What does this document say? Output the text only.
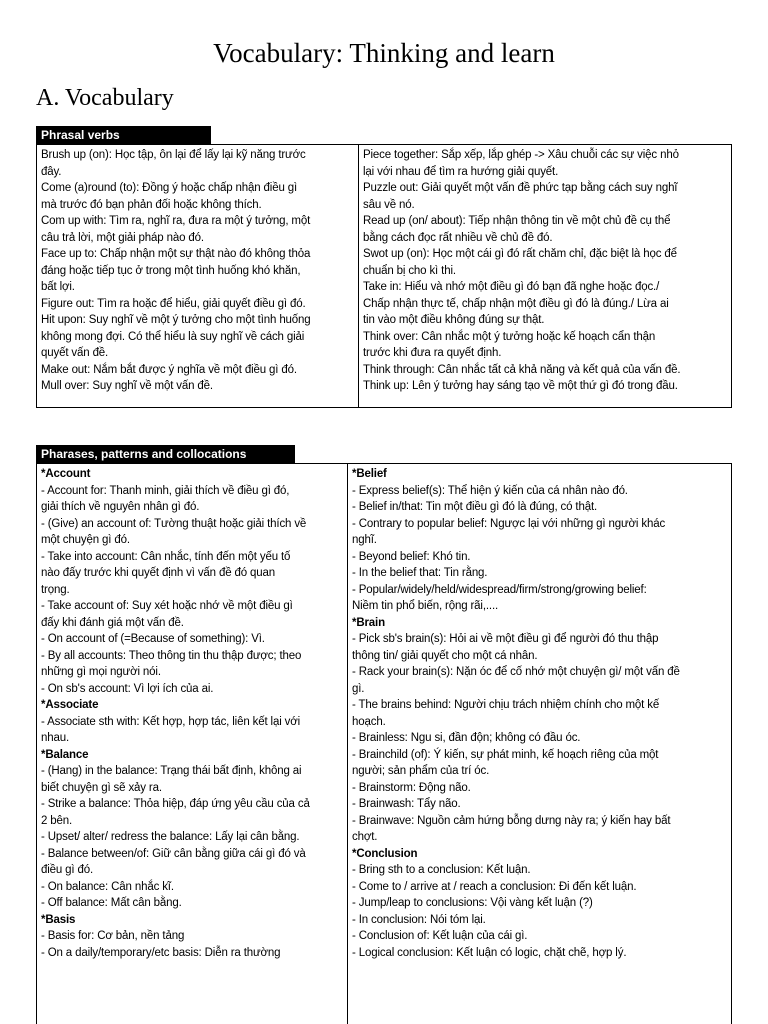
Vocabulary: Thinking and learn
A. Vocabulary
Phrasal verbs
Brush up (on): Học tập, ôn lại để lấy lại kỹ năng trước
đây.
Come (a)round (to): Đồng ý hoặc chấp nhận điều gì
mà trước đó bạn phản đối hoặc không thích.
Com up with: Tìm ra, nghĩ ra, đưa ra một ý tưởng, một
câu trả lời, một giải pháp nào đó.
Face up to: Chấp nhận một sự thật nào đó không thỏa
đáng hoặc tiếp tục ở trong một tình huống khó khăn,
bất lợi.
Figure out: Tìm ra hoặc để hiểu, giải quyết điều gì đó.
Hit upon: Suy nghĩ về một ý tưởng cho một tình huống
không mong đợi. Có thể hiểu là suy nghĩ về cách giải
quyết vấn đề.
Make out: Nắm bắt được ý nghĩa về một điều gì đó.
Mull over: Suy nghĩ về một vấn đề.
Piece together: Sắp xếp, lắp ghép -> Xâu chuỗi các sự việc nhỏ
lại với nhau để tìm ra hướng giải quyết.
Puzzle out: Giải quyết một vấn đề phức tạp bằng cách suy nghĩ
sâu về nó.
Read up (on/ about): Tiếp nhận thông tin về một chủ đề cụ thể
bằng cách đọc rất nhiều về chủ đề đó.
Swot up (on): Học một cái gì đó rất chăm chỉ, đặc biệt là học để
chuẩn bị cho kì thi.
Take in: Hiểu và nhớ một điều gì đó bạn đã nghe hoặc đọc./
Chấp nhận thực tế, chấp nhận một điều gì đó là đúng./ Lừa ai
tin vào một điều không đúng sự thật.
Think over: Cân nhắc một ý tưởng hoặc kế hoạch cẩn thận
trước khi đưa ra quyết định.
Think through: Cân nhắc tất cả khả năng và kết quả của vấn đề.
Think up: Lên ý tưởng hay sáng tạo về một thứ gì đó trong đầu.
Pharases, patterns and collocations
*Account
- Account for: Thanh minh, giải thích về điều gì đó,
giải thích về nguyên nhân gì đó.
- (Give) an account of: Tường thuật hoặc giải thích về
một chuyện gì đó.
- Take into account: Cân nhắc, tính đến một yếu tố
nào đấy trước khi quyết định vì vấn đề đó quan
trọng.
- Take account of: Suy xét hoặc nhớ về một điều gì
đấy khi đánh giá một vấn đề.
- On account of (=Because of something): Vì.
- By all accounts: Theo thông tin thu thập được; theo
những gì mọi người nói.
- On sb's account: Vì lợi ích của ai.
*Associate
- Associate sth with: Kết hợp, hợp tác, liên kết lại với
nhau.
*Balance
- (Hang) in the balance: Trạng thái bất định, không ai
biết chuyện gì sẽ xảy ra.
- Strike a balance: Thỏa hiệp, đáp ứng yêu cầu của cả
2 bên.
- Upset/ alter/ redress the balance: Lấy lại cân bằng.
- Balance between/of: Giữ cân bằng giữa cái gì đó và
điều gì đó.
- On balance: Cân nhắc kĩ.
- Off balance: Mất cân bằng.
*Basis
- Basis for: Cơ bản, nền tảng
- On a daily/temporary/etc basis: Diễn ra thường
*Belief
- Express belief(s): Thể hiện ý kiến của cá nhân nào đó.
- Belief in/that: Tin một điều gì đó là đúng, có thật.
- Contrary to popular belief: Ngược lại với những gì người khác
nghĩ.
- Beyond belief: Khó tin.
- In the belief that: Tin rằng.
- Popular/widely/held/widespread/firm/strong/growing belief:
Niềm tin phổ biến, rộng rãi,....
*Brain
- Pick sb's brain(s): Hỏi ai về một điều gì để người đó thu thập
thông tin/ giải quyết cho một cá nhân.
- Rack your brain(s): Nặn óc để cố nhớ một chuyện gì/ một vấn đề
gì.
- The brains behind: Người chịu trách nhiệm chính cho một kế
hoạch.
- Brainless: Ngu si, đần độn; không có đầu óc.
- Brainchild (of): Ý kiến, sự phát minh, kế hoạch riêng của một
người; sản phẩm của trí óc.
- Brainstorm: Động não.
- Brainwash: Tẩy não.
- Brainwave: Nguồn cảm hứng bỗng dưng này ra; ý kiến hay bất
chợt.
*Conclusion
- Bring sth to a conclusion: Kết luận.
- Come to / arrive at / reach a conclusion: Đi đến kết luận.
- Jump/leap to conclusions: Vội vàng kết luận (?)
- In conclusion: Nói tóm lại.
- Conclusion of: Kết luận của cái gì.
- Logical conclusion: Kết luận có logic, chặt chẽ, hợp lý.
